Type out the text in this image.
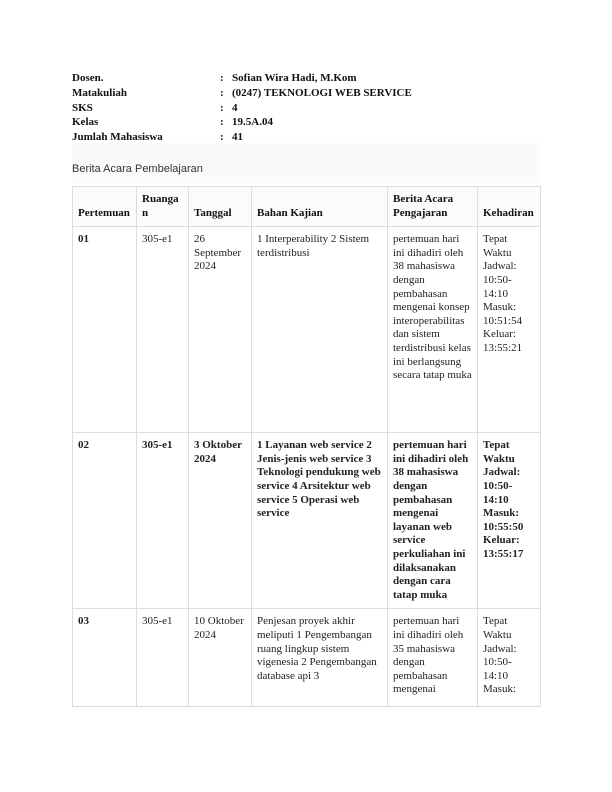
Dosen.	: Sofian Wira Hadi, M.Kom
Matakuliah	: (0247) TEKNOLOGI WEB SERVICE
SKS	: 4
Kelas	: 19.5A.04
Jumlah Mahasiswa	: 41
Berita Acara Pembelajaran
Pertemuan	Ruangan	Tanggal	Bahan Kajian	Berita Acara Pengajaran	Kehadiran

01	305-e1	26 September 2024	1 Interperability 2 Sistem terdistribusi	pertemuan hari ini dihadiri oleh 38 mahasiswa dengan pembahasan mengenai konsep interoperabilitas dan sistem terdistribusi kelas ini berlangsung secara tatap muka	Tepat Waktu Jadwal: 10:50-14:10 Masuk: 10:51:54 Keluar: 13:55:21

02	305-e1	3 Oktober 2024	1 Layanan web service 2 Jenis-jenis web service 3 Teknologi pendukung web service 4 Arsitektur web service 5 Operasi web service	pertemuan hari ini dihadiri oleh 38 mahasiswa dengan pembahasan mengenai layanan web service perkuliahan ini dilaksanakan dengan cara tatap muka	Tepat Waktu Jadwal: 10:50-14:10 Masuk: 10:55:50 Keluar: 13:55:17

03	305-e1	10 Oktober 2024	Penjesan proyek akhir meliputi 1 Pengembangan ruang lingkup sistem vigenesia 2 Pengembangan database api 3	pertemuan hari ini dihadiri oleh 35 mahasiswa dengan pembahasan mengenai	Tepat Waktu Jadwal: 10:50-14:10 Masuk:
